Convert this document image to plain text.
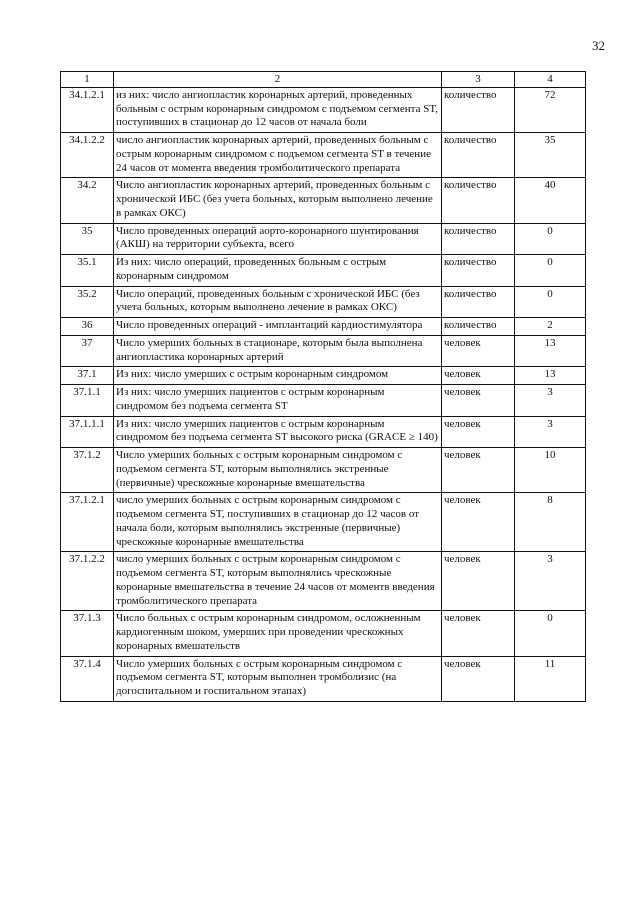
32
1	2	3	4
34.1.2.1	из них: число ангиопластик коронарных артерий, проведенных больным с острым коронарным синдромом с подъемом сегмента ST, поступивших в стационар до 12 часов от начала боли	количество	72
34.1.2.2	число ангиопластик коронарных артерий, проведенных больным с острым коронарным синдромом с подъемом сегмента ST в течение 24 часов от момента введения тромболитического препарата	количество	35
34.2	Число ангиопластик коронарных артерий, проведенных больным с хронической ИБС (без учета больных, которым выполнено лечение в рамках ОКС)	количество	40
35	Число проведенных операций аорто-коронарного шунтирования (АКШ) на территории субъекта, всего	количество	0
35.1	Из них: число операций, проведенных больным с острым коронарным синдромом	количество	0
35.2	Число операций, проведенных больным с хронической ИБС (без учета больных, которым выполнено лечение в рамках ОКС)	количество	0
36	Число проведенных операций - имплантаций кардиостимулятора	количество	2
37	Число умерших больных в стационаре, которым была выполнена ангиопластика коронарных артерий	человек	13
37.1	Из них: число умерших с острым коронарным синдромом	человек	13
37.1.1	Из них: число умерших пациентов с острым коронарным синдромом без подъема сегмента ST	человек	3
37.1.1.1	Из них: число умерших пациентов с острым коронарным синдромом без подъема сегмента ST высокого риска (GRACE ≥ 140)	человек	3
37.1.2	Число умерших больных с острым коронарным синдромом с подъемом сегмента ST, которым выполнялись экстренные (первичные) чрескожные коронарные вмешательства	человек	10
37.1.2.1	число умерших больных с острым коронарным синдромом с подъемом сегмента ST, поступивших в стационар до 12 часов от начала боли, которым выполнялись экстренные (первичные) чрескожные коронарные вмешательства	человек	8
37.1.2.2	число умерших больных с острым коронарным синдромом с подъемом сегмента ST, которым выполнялись чрескожные коронарные вмешательства в течение 24 часов от моментв введения тромболитического препарата	человек	3
37.1.3	Число больных с острым коронарным синдромом, осложненным кардиогенным шоком, умерших при проведении чрескожных коронарных вмешательств	человек	0
37.1.4	Число умерших больных с острым коронарным синдромом с подъемом сегмента ST, которым выполнен тромболизис (на догоспитальном и госпитальном этапах)	человек	11
